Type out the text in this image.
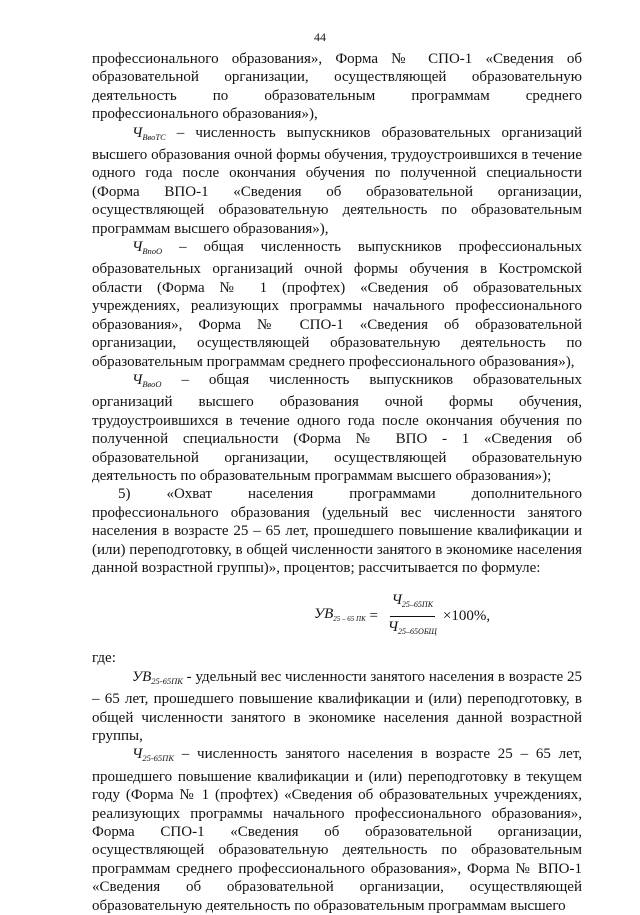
44

профессионального образования», Форма № СПО-1 «Сведения об образовательной организации, осуществляющей образовательную деятельность по образовательным программам среднего профессионального образования»),

$Ч_{ВвоТС}$ – численность выпускников образовательных организаций высшего образования очной формы обучения, трудоустроившихся в течение одного года после окончания обучения по полученной специальности (Форма ВПО-1 «Сведения об образовательной организации, осуществляющей образовательную деятельность по образовательным программам высшего образования»),

$Ч_{ВпоО}$ – общая численность выпускников профессиональных образовательных организаций очной формы обучения в Костромской области (Форма № 1 (профтех) «Сведения об образовательных учреждениях, реализующих программы начального профессионального образования», Форма № СПО-1 «Сведения об образовательной организации, осуществляющей образовательную деятельность по образовательным программам среднего профессионального образования»),

$Ч_{ВвоО}$ – общая численность выпускников образовательных организаций высшего образования очной формы обучения, трудоустроившихся в течение одного года после окончания обучения по полученной специальности (Форма № ВПО - 1 «Сведения об образовательной организации, осуществляющей образовательную деятельность по образовательным программам высшего образования»);

5) «Охват населения программами дополнительного профессионального образования (удельный вес численности занятого населения в возрасте 25 – 65 лет, прошедшего повышение квалификации и (или) переподготовку, в общей численности занятого в экономике населения данной возрастной группы)», процентов; рассчитывается по формуле:

$УВ_{25 - 65 ПК} = \frac{Ч_{25-65ПК}}{Ч_{25-65ОБЩ}} \times 100\%$,

где:

$УВ_{25-65ПК}$ - удельный вес численности занятого населения в возрасте 25 – 65 лет, прошедшего повышение квалификации и (или) переподготовку, в общей численности занятого в экономике населения данной возрастной группы,

$Ч_{25-65ПК}$ – численность занятого населения в возрасте 25 – 65 лет, прошедшего повышение квалификации и (или) переподготовку в текущем году (Форма № 1 (профтех) «Сведения об образовательных учреждениях, реализующих программы начального профессионального образования», Форма СПО-1 «Сведения об образовательной организации, осуществляющей образовательную деятельность по образовательным программам среднего профессионального образования», Форма № ВПО-1 «Сведения об образовательной организации, осуществляющей образовательную деятельность по образовательным программам высшего
